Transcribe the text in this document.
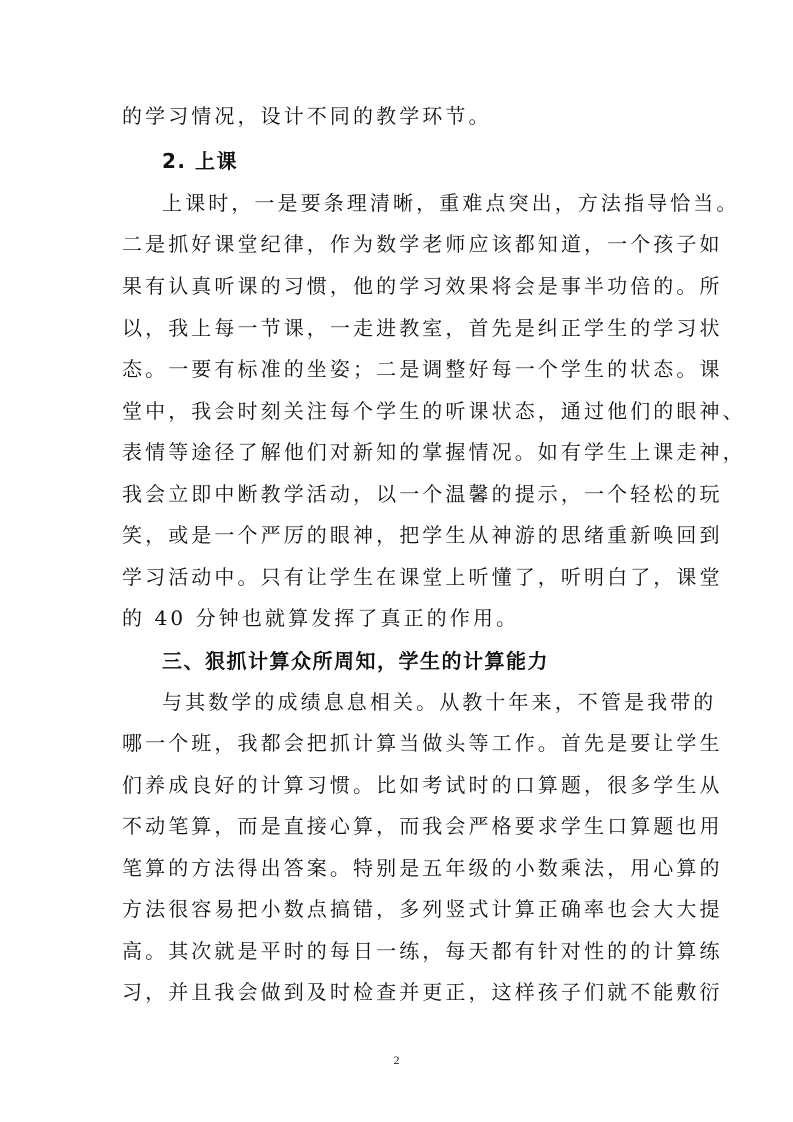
的学习情况，设计不同的教学环节。
2. 上课
上课时，一是要条理清晰，重难点突出，方法指导恰当。
二是抓好课堂纪律，作为数学老师应该都知道，一个孩子如
果有认真听课的习惯，他的学习效果将会是事半功倍的。所
以，我上每一节课，一走进教室，首先是纠正学生的学习状
态。一要有标准的坐姿；二是调整好每一个学生的状态。课
堂中，我会时刻关注每个学生的听课状态，通过他们的眼神、
表情等途径了解他们对新知的掌握情况。如有学生上课走神，
我会立即中断教学活动，以一个温馨的提示，一个轻松的玩
笑，或是一个严厉的眼神，把学生从神游的思绪重新唤回到
学习活动中。只有让学生在课堂上听懂了，听明白了，课堂
的 40 分钟也就算发挥了真正的作用。
三、狠抓计算众所周知，学生的计算能力
与其数学的成绩息息相关。从教十年来，不管是我带的
哪一个班，我都会把抓计算当做头等工作。首先是要让学生
们养成良好的计算习惯。比如考试时的口算题，很多学生从
不动笔算，而是直接心算，而我会严格要求学生口算题也用
笔算的方法得出答案。特别是五年级的小数乘法，用心算的
方法很容易把小数点搞错，多列竖式计算正确率也会大大提
高。其次就是平时的每日一练，每天都有针对性的的计算练
习，并且我会做到及时检查并更正，这样孩子们就不能敷衍
2
